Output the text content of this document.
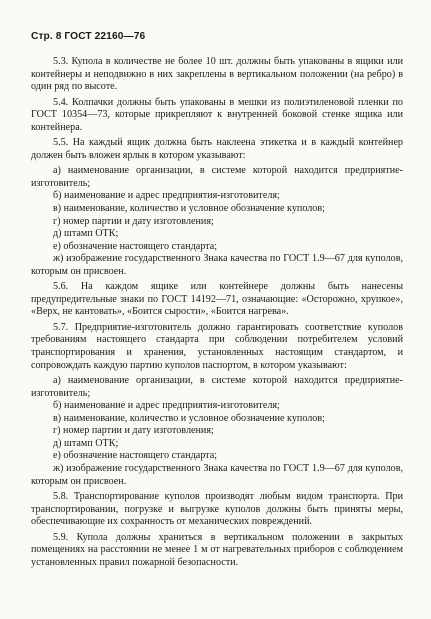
Стр. 8 ГОСТ 22160—76

5.3. Купола в количестве не более 10 шт. должны быть упакованы в ящики или контейнеры и неподвижно в них закреплены в вертикальном положении (на ребро) в один ряд по высоте.

5.4. Колпачки должны быть упакованы в мешки из полиэтиленовой пленки по ГОСТ 10354—73, которые прикрепляют к внутренней боковой стенке ящика или контейнера.

5.5. На каждый ящик должна быть наклеена этикетка и в каждый контейнер должен быть вложен ярлык в котором указывают:

а) наименование организации, в системе которой находится предприятие-изготовитель;

б) наименование и адрес предприятия-изготовителя;

в) наименование, количество и условное обозначение куполов;

г) номер партии и дату изготовления;

д) штамп ОТК;

е) обозначение настоящего стандарта;

ж) изображение государственного Знака качества по ГОСТ 1.9—67 для куполов, которым он присвоен.

5.6. На каждом ящике или контейнере должны быть нанесены предупредительные знаки по ГОСТ 14192—71, означающие: «Осторожно, хрупкое», «Верх, не кантовать», «Боится сырости», «Боится нагрева».

5.7. Предприятие-изготовитель должно гарантировать соответствие куполов требованиям настоящего стандарта при соблюдении потребителем условий транспортирования и хранения, установленных настоящим стандартом, и сопровождать каждую партию куполов паспортом, в котором указывают:

а) наименование организации, в системе которой находится предприятие-изготовитель;

б) наименование и адрес предприятия-изготовителя;

в) наименование, количество и условное обозначение куполов;

г) номер партии и дату изготовления;

д) штамп ОТК;

е) обозначение настоящего стандарта;

ж) изображение государственного Знака качества по ГОСТ 1.9—67 для куполов, которым он присвоен.

5.8. Транспортирование куполов производят любым видом транспорта. При транспортировании, погрузке и выгрузке куполов должны быть приняты меры, обеспечивающие их сохранность от механических повреждений.

5.9. Купола должны храниться в вертикальном положении в закрытых помещениях на расстоянии не менее 1 м от нагревательных приборов с соблюдением установленных правил пожарной безопасности.
